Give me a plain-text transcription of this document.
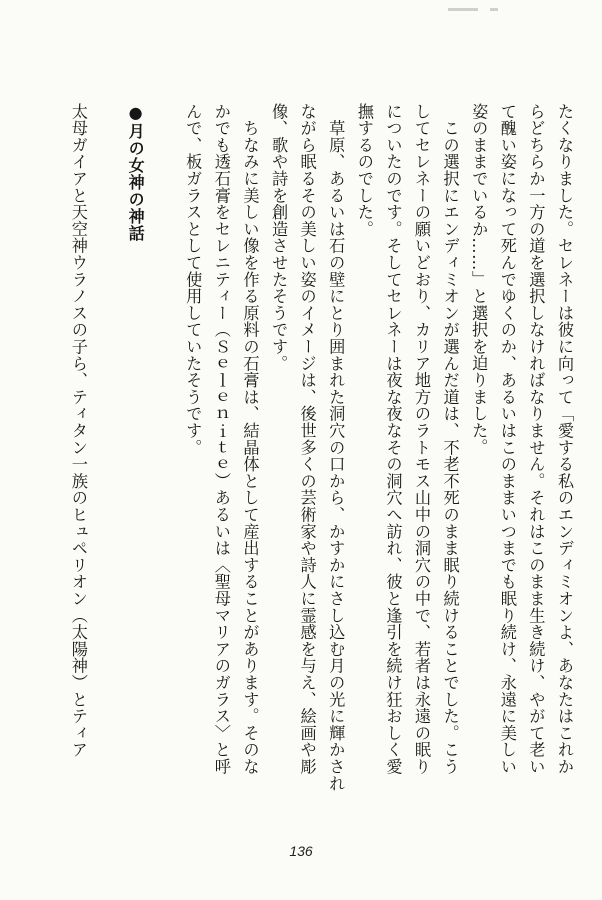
たくなりました。セレネーは彼に向って「愛する私のエンディミオンよ、あなたはこれか
らどちらか一方の道を選択しなければなりません。それはこのまま生き続け、やがて老い
て醜い姿になって死んでゆくのか、あるいはこのままいつまでも眠り続け、永遠に美しい
姿のままでいるか……」と選択を迫りました。
　この選択にエンディミオンが選んだ道は、不老不死のまま眠り続けることでした。こう
してセレネーの願いどおり、カリア地方のラトモス山中の洞穴の中で、若者は永遠の眠り
についたのです。そしてセレネーは夜な夜なその洞穴へ訪れ、彼と逢引を続け狂おしく愛
撫するのでした。
　草原、あるいは石の壁にとり囲まれた洞穴の口から、かすかにさし込む月の光に輝かされ
ながら眠るその美しい姿のイメージは、後世多くの芸術家や詩人に霊感を与え、絵画や彫
像、歌や詩を創造させたそうです。
　ちなみに美しい像を作る原料の石膏は、結晶体として産出することがあります。そのな
かでも透石膏をセレニティー（Ｓｅｌｅｎｉｔｅ）あるいは〈聖母マリアのガラス〉と呼
んで、板ガラスとして使用していたそうです。

●月の女神の神話

太母ガイアと天空神ウラノスの子ら、ティタン一族のヒュペリオン（太陽神）とティア
136
